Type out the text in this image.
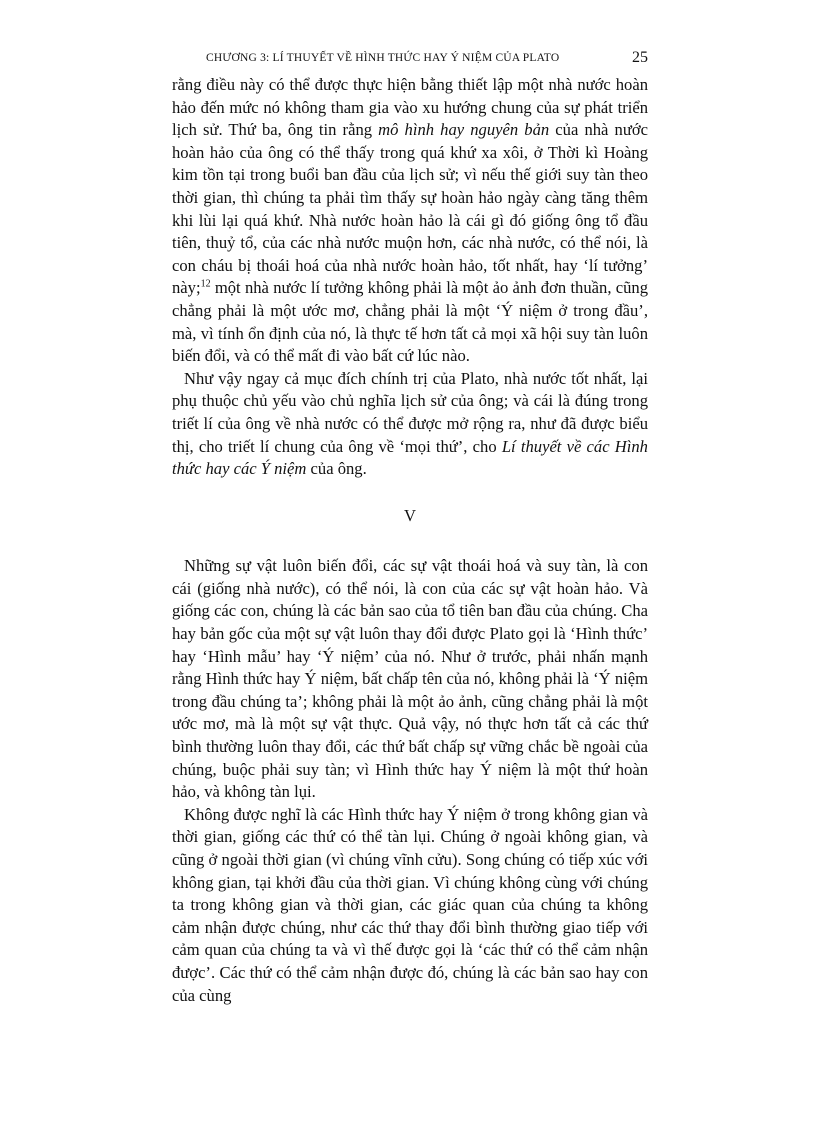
CHƯƠNG 3: LÍ THUYẾT VỀ HÌNH THỨC HAY Ý NIỆM CỦA PLATO	25

rằng điều này có thể được thực hiện bằng thiết lập một nhà nước hoàn hảo đến mức nó không tham gia vào xu hướng chung của sự phát triển lịch sử. Thứ ba, ông tin rằng mô hình hay nguyên bản của nhà nước hoàn hảo của ông có thể thấy trong quá khứ xa xôi, ở Thời kì Hoàng kim tồn tại trong buổi ban đầu của lịch sử; vì nếu thế giới suy tàn theo thời gian, thì chúng ta phải tìm thấy sự hoàn hảo ngày càng tăng thêm khi lùi lại quá khứ. Nhà nước hoàn hảo là cái gì đó giống ông tổ đầu tiên, thuỷ tổ, của các nhà nước muộn hơn, các nhà nước, có thể nói, là con cháu bị thoái hoá của nhà nước hoàn hảo, tốt nhất, hay ‘lí tưởng’ này;$^{12}$ một nhà nước lí tưởng không phải là một ảo ảnh đơn thuần, cũng chẳng phải là một ước mơ, chẳng phải là một ‘Ý niệm ở trong đầu’, mà, vì tính ổn định của nó, là thực tế hơn tất cả mọi xã hội suy tàn luôn biến đổi, và có thể mất đi vào bất cứ lúc nào.

Như vậy ngay cả mục đích chính trị của Plato, nhà nước tốt nhất, lại phụ thuộc chủ yếu vào chủ nghĩa lịch sử của ông; và cái là đúng trong triết lí của ông về nhà nước có thể được mở rộng ra, như đã được biểu thị, cho triết lí chung của ông về ‘mọi thứ’, cho Lí thuyết về các Hình thức hay các Ý niệm của ông.

V

Những sự vật luôn biến đổi, các sự vật thoái hoá và suy tàn, là con cái (giống nhà nước), có thể nói, là con của các sự vật hoàn hảo. Và giống các con, chúng là các bản sao của tổ tiên ban đầu của chúng. Cha hay bản gốc của một sự vật luôn thay đổi được Plato gọi là ‘Hình thức’ hay ‘Hình mẫu’ hay ‘Ý niệm’ của nó. Như ở trước, phải nhấn mạnh rằng Hình thức hay Ý niệm, bất chấp tên của nó, không phải là ‘Ý niệm trong đầu chúng ta’; không phải là một ảo ảnh, cũng chẳng phải là một ước mơ, mà là một sự vật thực. Quả vậy, nó thực hơn tất cả các thứ bình thường luôn thay đổi, các thứ bất chấp sự vững chắc bề ngoài của chúng, buộc phải suy tàn; vì Hình thức hay Ý niệm là một thứ hoàn hảo, và không tàn lụi.

Không được nghĩ là các Hình thức hay Ý niệm ở trong không gian và thời gian, giống các thứ có thể tàn lụi. Chúng ở ngoài không gian, và cũng ở ngoài thời gian (vì chúng vĩnh cửu). Song chúng có tiếp xúc với không gian, tại khởi đầu của thời gian. Vì chúng không cùng với chúng ta trong không gian và thời gian, các giác quan của chúng ta không cảm nhận được chúng, như các thứ thay đổi bình thường giao tiếp với cảm quan của chúng ta và vì thế được gọi là ‘các thứ có thể cảm nhận được’. Các thứ có thể cảm nhận được đó, chúng là các bản sao hay con của cùng
